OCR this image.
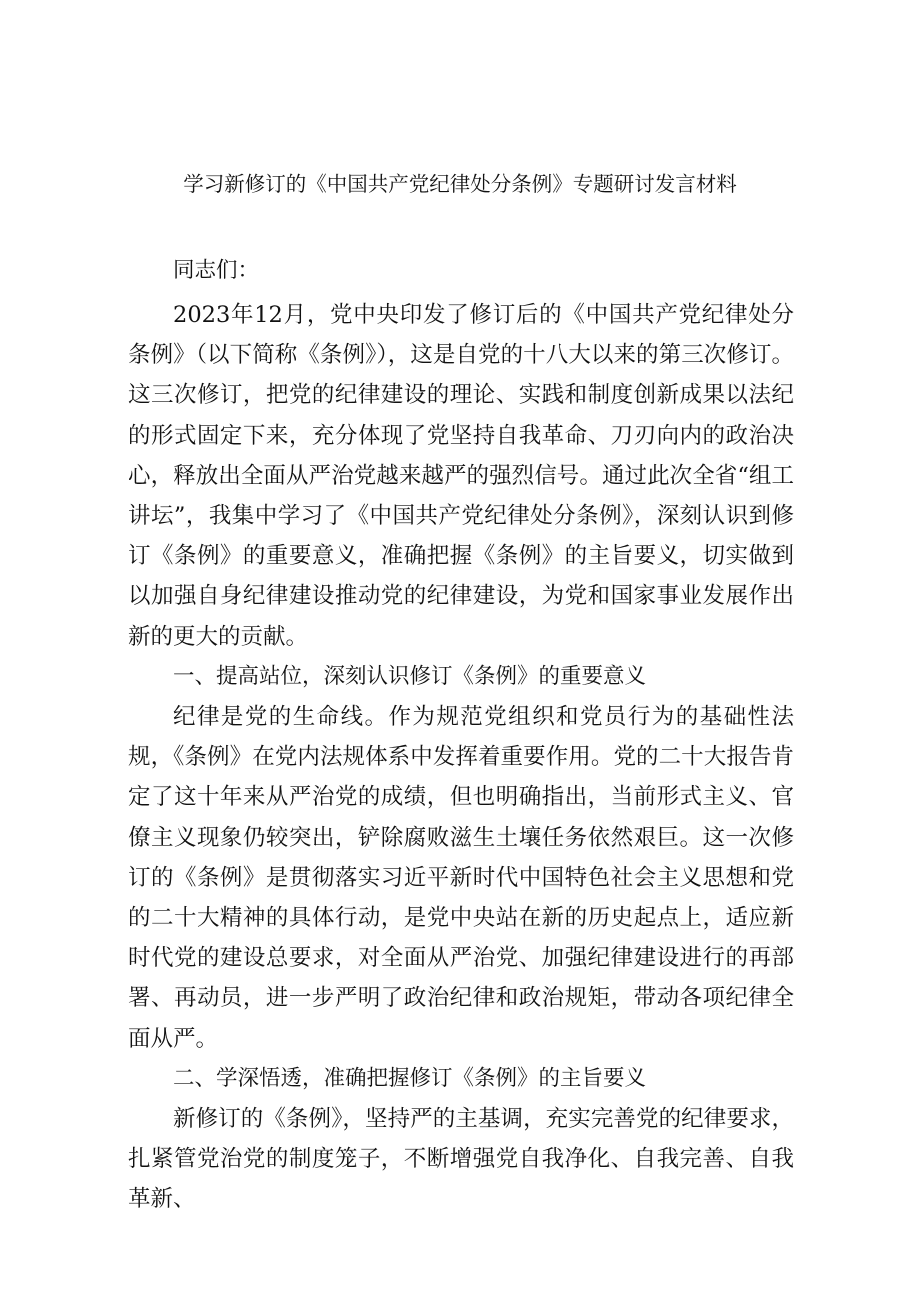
学习新修订的《中国共产党纪律处分条例》专题研讨发言材料

同志们：

2023年12月，党中央印发了修订后的《中国共产党纪律处分条例》（以下简称《条例》），这是自党的十八大以来的第三次修订。这三次修订，把党的纪律建设的理论、实践和制度创新成果以法纪的形式固定下来，充分体现了党坚持自我革命、刀刃向内的政治决心，释放出全面从严治党越来越严的强烈信号。通过此次全省“组工讲坛”，我集中学习了《中国共产党纪律处分条例》，深刻认识到修订《条例》的重要意义，准确把握《条例》的主旨要义，切实做到以加强自身纪律建设推动党的纪律建设，为党和国家事业发展作出新的更大的贡献。

一、提高站位，深刻认识修订《条例》的重要意义

纪律是党的生命线。作为规范党组织和党员行为的基础性法规，《条例》在党内法规体系中发挥着重要作用。党的二十大报告肯定了这十年来从严治党的成绩，但也明确指出，当前形式主义、官僚主义现象仍较突出，铲除腐败滋生土壤任务依然艰巨。这一次修订的《条例》是贯彻落实习近平新时代中国特色社会主义思想和党的二十大精神的具体行动，是党中央站在新的历史起点上，适应新时代党的建设总要求，对全面从严治党、加强纪律建设进行的再部署、再动员，进一步严明了政治纪律和政治规矩，带动各项纪律全面从严。

二、学深悟透，准确把握修订《条例》的主旨要义

新修订的《条例》，坚持严的主基调，充实完善党的纪律要求，扎紧管党治党的制度笼子，不断增强党自我净化、自我完善、自我革新、
